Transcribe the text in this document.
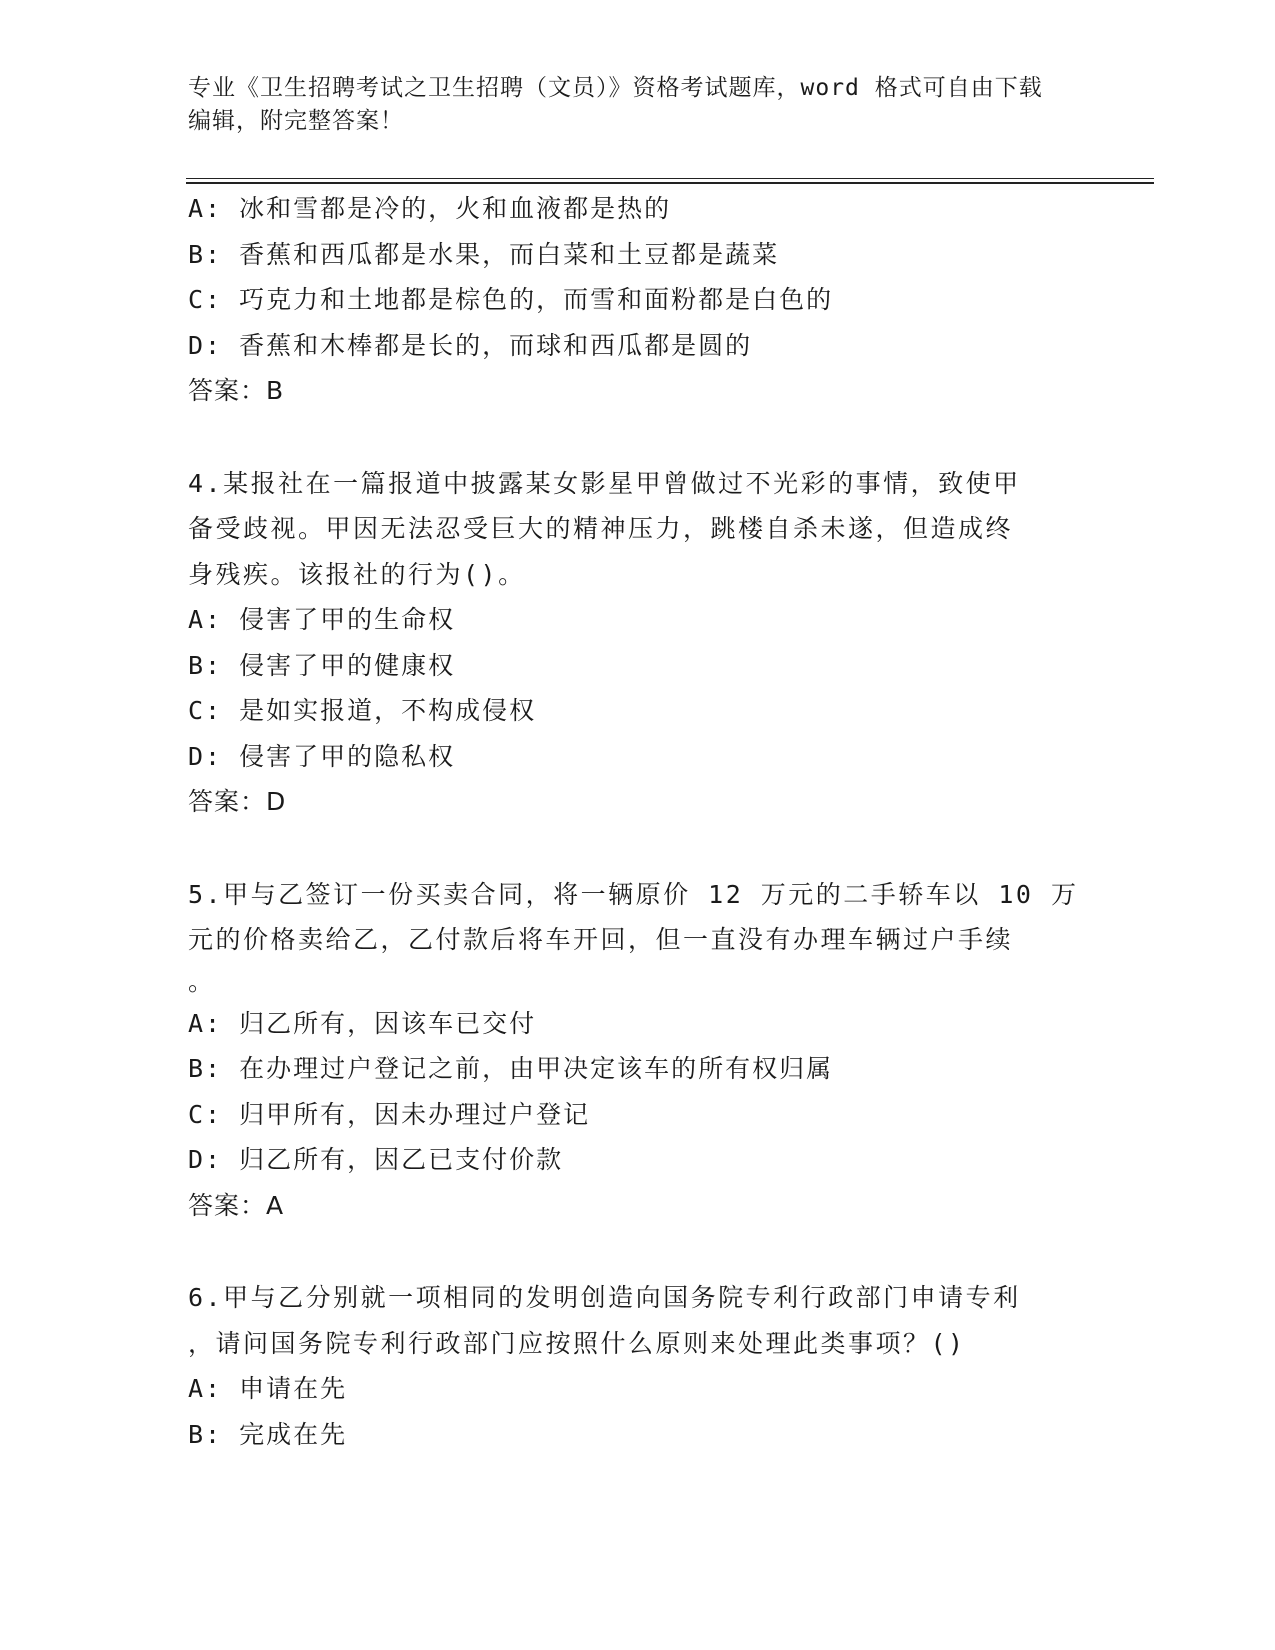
专业《卫生招聘考试之卫生招聘（文员）》资格考试题库，word 格式可自由下载
编辑，附完整答案！
A: 冰和雪都是冷的，火和血液都是热的
B: 香蕉和西瓜都是水果，而白菜和土豆都是蔬菜
C: 巧克力和土地都是棕色的，而雪和面粉都是白色的
D: 香蕉和木棒都是长的，而球和西瓜都是圆的
答案：B
4.某报社在一篇报道中披露某女影星甲曾做过不光彩的事情，致使甲
备受歧视。甲因无法忍受巨大的精神压力，跳楼自杀未遂，但造成终
身残疾。该报社的行为()。
A: 侵害了甲的生命权
B: 侵害了甲的健康权
C: 是如实报道，不构成侵权
D: 侵害了甲的隐私权
答案：D
5.甲与乙签订一份买卖合同，将一辆原价 12 万元的二手轿车以 10 万
元的价格卖给乙，乙付款后将车开回，但一直没有办理车辆过户手续
。
A: 归乙所有，因该车已交付
B: 在办理过户登记之前，由甲决定该车的所有权归属
C: 归甲所有，因未办理过户登记
D: 归乙所有，因乙已支付价款
答案：A
6.甲与乙分别就一项相同的发明创造向国务院专利行政部门申请专利
，请问国务院专利行政部门应按照什么原则来处理此类事项？()
A: 申请在先
B: 完成在先
